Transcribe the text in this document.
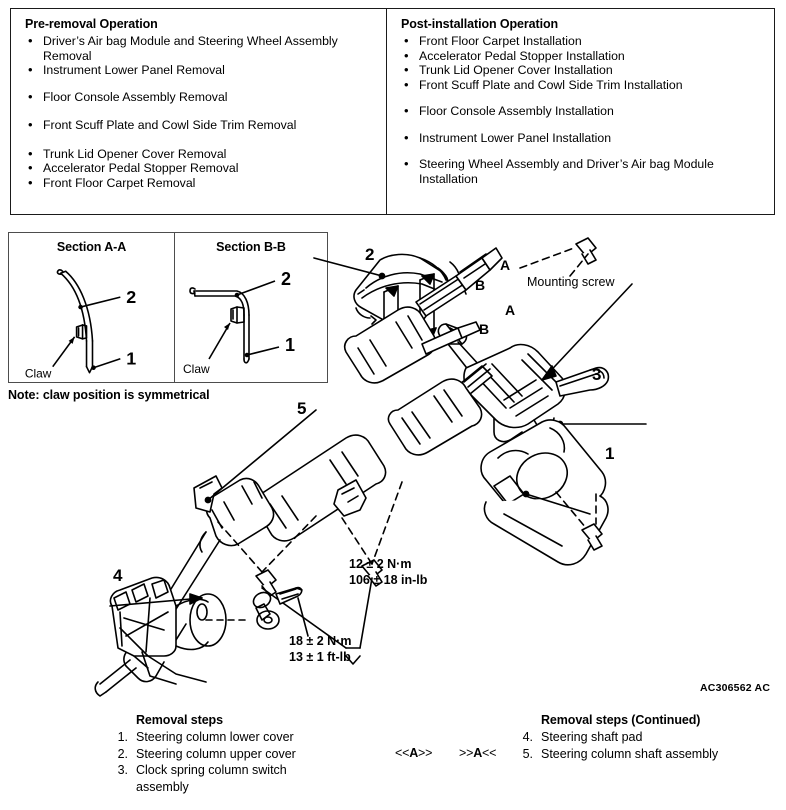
Pre-removal Operation
• Driver’s Air bag Module and Steering Wheel Assembly Removal
• Instrument Lower Panel Removal
• Floor Console Assembly Removal
• Front Scuff Plate and Cowl Side Trim Removal
• Trunk Lid Opener Cover Removal
• Accelerator Pedal Stopper Removal
• Front Floor Carpet Removal
Post-installation Operation
• Front Floor Carpet Installation
• Accelerator Pedal Stopper Installation
• Trunk Lid Opener Cover Installation
• Front Scuff Plate and Cowl Side Trim Installation
• Floor Console Assembly Installation
• Instrument Lower Panel Installation
• Steering Wheel Assembly and Driver’s Air bag Module Installation
Section A-A
2
1
Claw
Section B-B
2
1
Claw
Note: claw position is symmetrical
2
A
B
B
A
Mounting screw
3
1
5
4
12 ± 2 N·m
106 ± 18 in-lb
18 ± 2 N·m
13 ± 1 ft-lb
AC306562 AC
Removal steps
1. Steering column lower cover
2. Steering column upper cover
3. Clock spring column switch
assembly
<<A>> >>A<<
Removal steps (Continued)
4. Steering shaft pad
5. Steering column shaft assembly
